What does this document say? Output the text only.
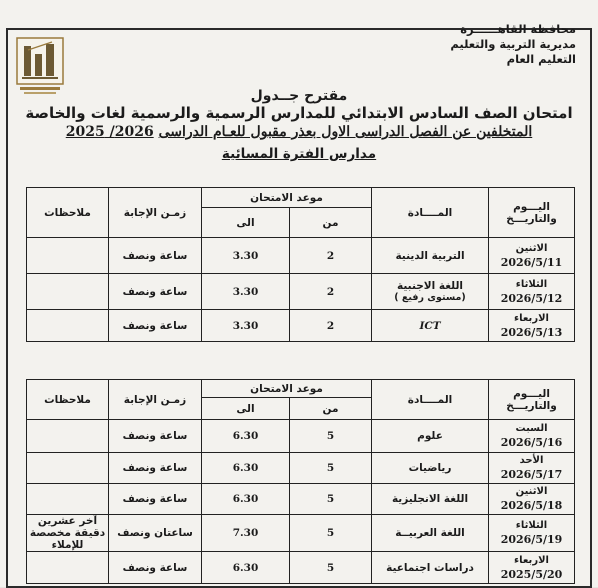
محافظة القاهــــــرة
مديرية التربية والتعليم
التعليم العام
مقترح جــدول
امتحان الصف السادس الابتدائي للمدارس الرسمية والرسمية لغات والخاصة
المتخلفين عن الفصل الدراسى الاول بعذر مقبول للعـام الدراسى 2026/ 2025
مدارس الفترة المسائية
اليـــوم
والتاريـــخ	المــــادة	موعد الامتحان		زمـن الإجابة	ملاحظات
		من	الى		

الاثنين
2026/5/11	التربية الدينية	2	3.30	ساعة ونصف	

الثلاثاء
2026/5/12	اللغة الاجنبية
(مستوى رفيع )	2	3.30	ساعة ونصف	

الاربعاء
2026/5/13	ICT	2	3.30	ساعة ونصف	
اليـــوم
والتاريـــخ	المــــادة	موعد الامتحان		زمـن الإجابة	ملاحظات
		من	الى		

السبت
2026/5/16	علوم	5	6.30	ساعة ونصف	

الأحد
2026/5/17	رياضيات	5	6.30	ساعة ونصف	

الاثنين
2026/5/18	اللغة الانجليزية	5	6.30	ساعة ونصف	

الثلاثاء
2026/5/19	اللغة العربيــة	5	7.30	ساعتان ونصف	آخر عشرين دقيقة مخصصة للإملاء

الاربعاء
2025/5/20	دراسات اجتماعية	5	6.30	ساعة ونصف	
